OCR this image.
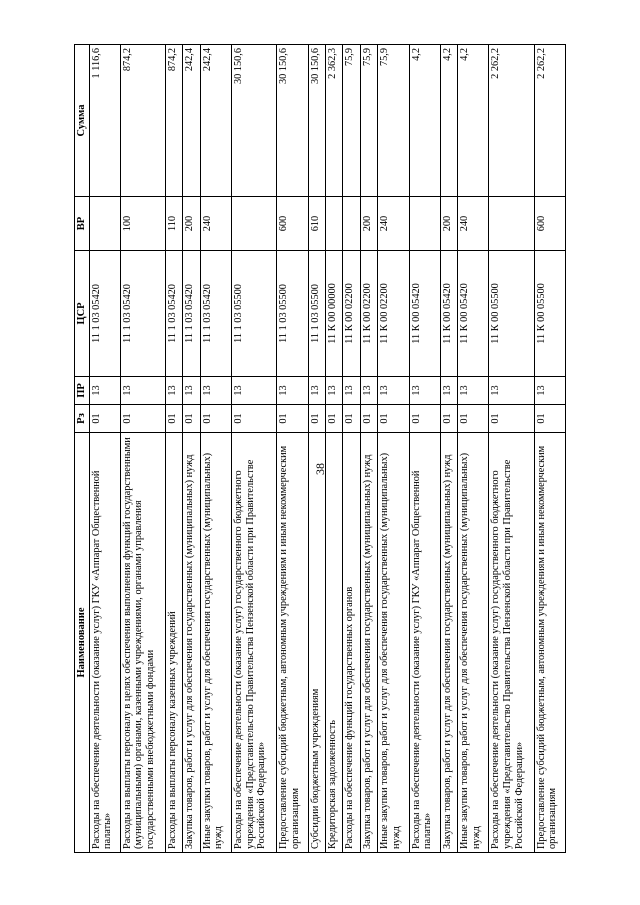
38
Наименование	Рз	ПР	ЦСР	ВР	Сумма
Расходы на обеспечение деятельности (оказание услуг) ГКУ «Аппарат Общественной палаты»	01	13	11 1 03 05420		1 116,6
Расходы на выплаты персоналу в целях обеспечения выполнения функций государственными (муниципальными) органами, казенными учреждениями, органами управления государственными внебюджетными фондами	01	13	11 1 03 05420	100	874,2
Расходы на выплаты персоналу казенных учреждений	01	13	11 1 03 05420	110	874,2
Закупка товаров, работ и услуг для обеспечения государственных (муниципальных) нужд	01	13	11 1 03 05420	200	242,4
Иные закупки товаров, работ и услуг для обеспечения государственных (муниципальных) нужд	01	13	11 1 03 05420	240	242,4
Расходы на обеспечение деятельности (оказание услуг) государственного бюджетного учреждения «Представительство Правительства Пензенской области при Правительстве Российской Федерации»	01	13	11 1 03 05500		30 150,6
Предоставление субсидий бюджетным, автономным учреждениям и иным некоммерческим организациям	01	13	11 1 03 05500	600	30 150,6
Субсидии бюджетным учреждениям	01	13	11 1 03 05500	610	30 150,6
Кредиторская задолженность	01	13	11 К 00 00000		2 362,3
Расходы на обеспечение функций государственных органов	01	13	11 К 00 02200		75,9
Закупка товаров, работ и услуг для обеспечения государственных (муниципальных) нужд	01	13	11 К 00 02200	200	75,9
Иные закупки товаров, работ и услуг для обеспечения государственных (муниципальных) нужд	01	13	11 К 00 02200	240	75,9
Расходы на обеспечение деятельности (оказание услуг) ГКУ «Аппарат Общественной палаты»	01	13	11 К 00 05420		4,2
Закупка товаров, работ и услуг для обеспечения государственных (муниципальных) нужд	01	13	11 К 00 05420	200	4,2
Иные закупки товаров, работ и услуг для обеспечения государственных (муниципальных) нужд	01	13	11 К 00 05420	240	4,2
Расходы на обеспечение деятельности (оказание услуг) государственного бюджетного учреждения «Представительство Правительства Пензенской области при Правительстве Российской Федерации»	01	13	11 К 00 05500		2 262,2
Предоставление субсидий бюджетным, автономным учреждениям и иным некоммерческим организациям	01	13	11 К 00 05500	600	2 262,2
